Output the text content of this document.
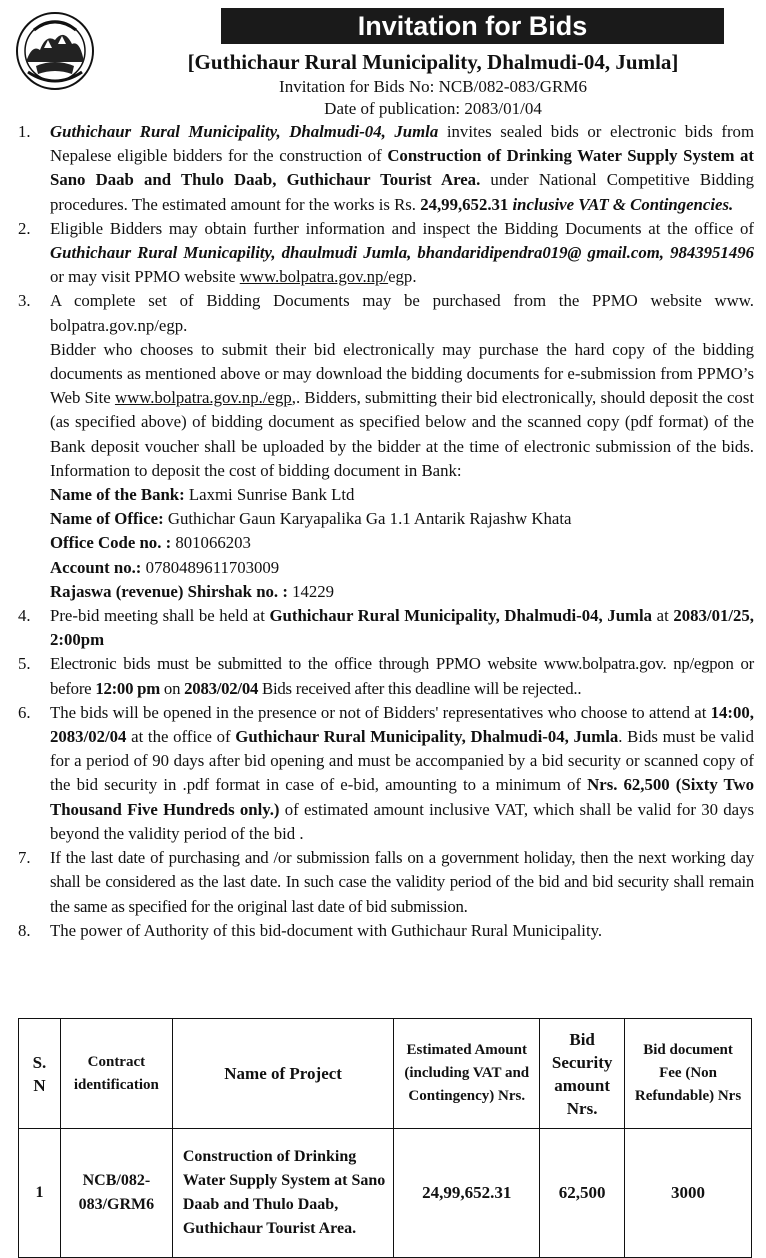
Invitation for Bids
[Guthichaur Rural Municipality, Dhalmudi-04, Jumla]
Invitation for Bids No: NCB/082-083/GRM6
Date of publication: 2083/01/04
1.	Guthichaur Rural Municipality, Dhalmudi-04, Jumla invites sealed bids or electronic bids from Nepalese eligible bidders for the construction of Construction of Drinking Water Supply System at Sano Daab and Thulo Daab, Guthichaur Tourist Area. under National Competitive Bidding procedures. The estimated amount for the works is Rs. 24,99,652.31 inclusive VAT & Contingencies.
2.	Eligible Bidders may obtain further information and inspect the Bidding Documents at the office of Guthichaur Rural Municapility, dhaulmudi Jumla, bhandaridipendra019@ gmail.com, 9843951496 or may visit PPMO website www.bolpatra.gov.np/egp.
3.	A complete set of Bidding Documents may be purchased from the PPMO website www. bolpatra.gov.np/egp.
Bidder who chooses to submit their bid electronically may purchase the hard copy of the bidding documents as mentioned above or may download the bidding documents for e-submission from PPMO’s Web Site www.bolpatra.gov.np./egp,. Bidders, submitting their bid electronically, should deposit the cost (as specified above) of bidding document as specified below and the scanned copy (pdf format) of the Bank deposit voucher shall be uploaded by the bidder at the time of electronic submission of the bids. Information to deposit the cost of bidding document in Bank:
Name of the Bank: Laxmi Sunrise Bank Ltd
Name of Office: Guthichar Gaun Karyapalika Ga 1.1 Antarik Rajashw Khata
Office Code no. : 801066203
Account no.: 0780489611703009
Rajaswa (revenue) Shirshak no. : 14229
4.	Pre-bid meeting shall be held at Guthichaur Rural Municipality, Dhalmudi-04, Jumla at 2083/01/25, 2:00pm
5.	Electronic bids must be submitted to the office through PPMO website www.bolpatra.gov. np/egpon or before 12:00 pm on 2083/02/04 Bids received after this deadline will be rejected..
6.	The bids will be opened in the presence or not of Bidders' representatives who choose to attend at 14:00, 2083/02/04 at the office of Guthichaur Rural Municipality, Dhalmudi-04, Jumla. Bids must be valid for a period of 90 days after bid opening and must be accompanied by a bid security or scanned copy of the bid security in .pdf format in case of e-bid, amounting to a minimum of Nrs. 62,500 (Sixty Two Thousand Five Hundreds only.) of estimated amount inclusive VAT, which shall be valid for 30 days beyond the validity period of the bid .
7.	If the last date of purchasing and /or submission falls on a government holiday, then the next working day shall be considered as the last date. In such case the validity period of the bid and bid security shall remain the same as specified for the original last date of bid submission.
8.	The power of Authority of this bid-document with Guthichaur Rural Municipality.
S. N	Contract identification	Name of Project	Estimated Amount (including VAT and Contingency) Nrs.	Bid Security amount Nrs.	Bid document Fee (Non Refundable) Nrs
1	NCB/082-083/GRM6	Construction of Drinking Water Supply System at Sano Daab and Thulo Daab, Guthichaur Tourist Area.	24,99,652.31	62,500	3000
